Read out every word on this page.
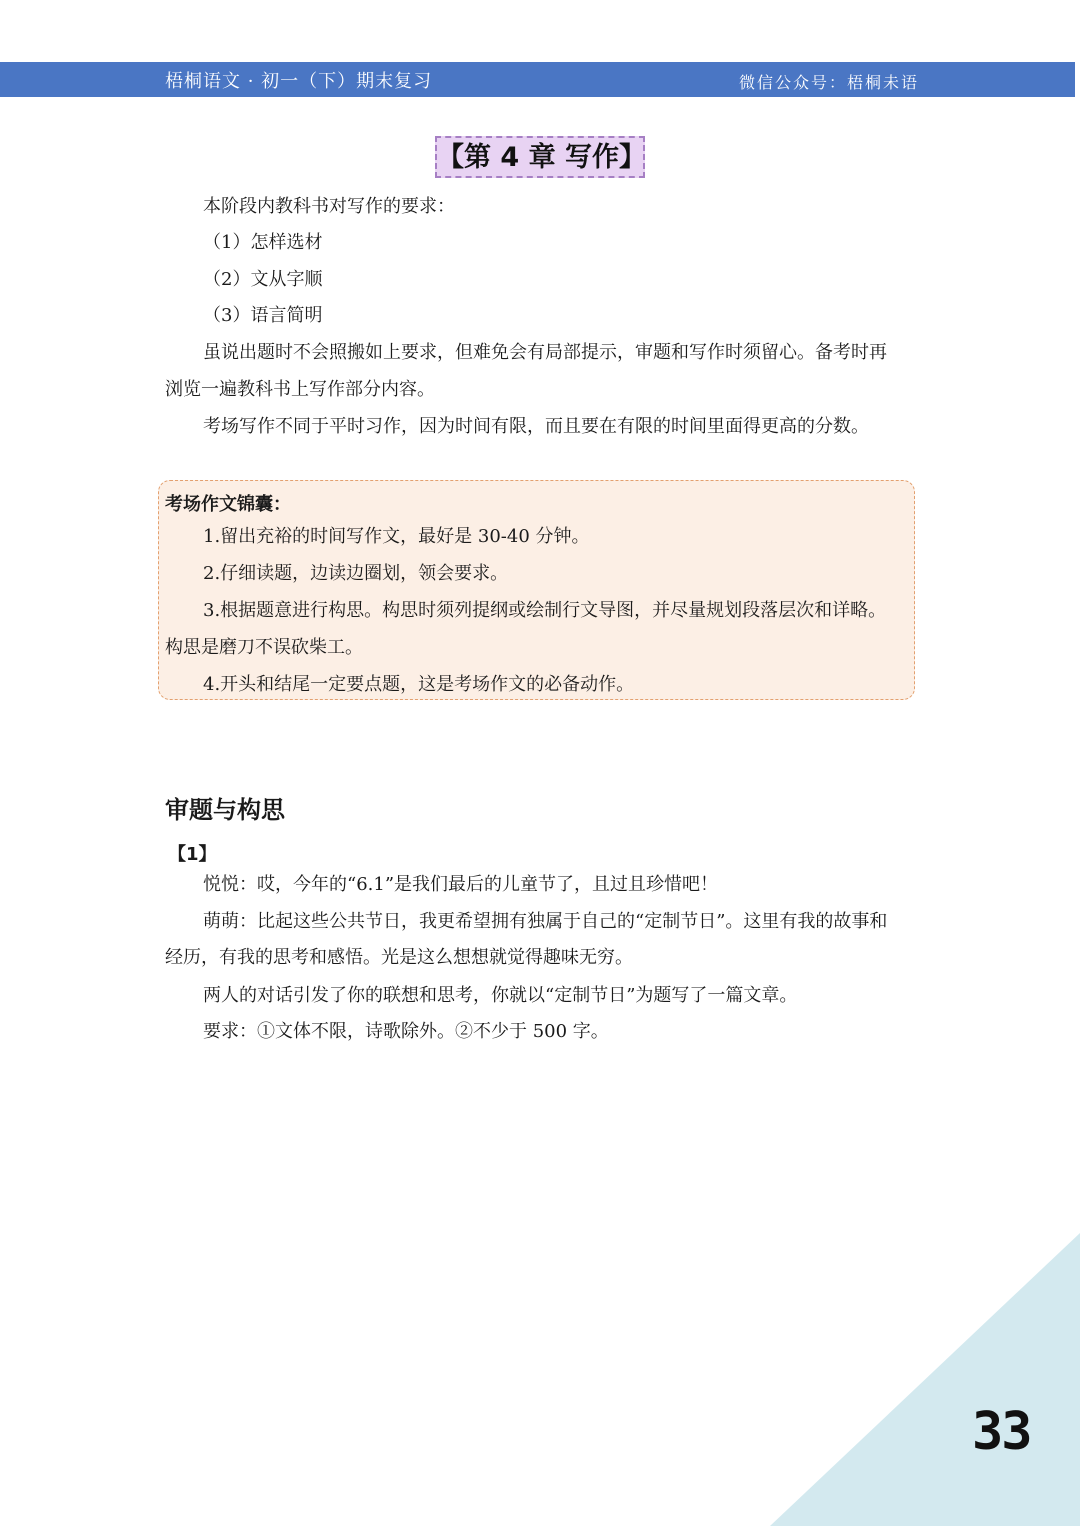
梧桐语文 · 初一（下）期末复习	微信公众号：梧桐未语
【第 4 章 写作】
本阶段内教科书对写作的要求：
（1）怎样选材
（2）文从字顺
（3）语言简明
虽说出题时不会照搬如上要求，但难免会有局部提示，审题和写作时须留心。备考时再
浏览一遍教科书上写作部分内容。
考场写作不同于平时习作，因为时间有限，而且要在有限的时间里面得更高的分数。
考场作文锦囊：
1.留出充裕的时间写作文，最好是 30-40 分钟。
2.仔细读题，边读边圈划，领会要求。
3.根据题意进行构思。构思时须列提纲或绘制行文导图，并尽量规划段落层次和详略。
构思是磨刀不误砍柴工。
4.开头和结尾一定要点题，这是考场作文的必备动作。
审题与构思
【1】
悦悦：哎，今年的“6.1”是我们最后的儿童节了，且过且珍惜吧！
萌萌：比起这些公共节日，我更希望拥有独属于自己的“定制节日”。这里有我的故事和
经历，有我的思考和感悟。光是这么想想就觉得趣味无穷。
两人的对话引发了你的联想和思考，你就以“定制节日”为题写了一篇文章。
要求：①文体不限，诗歌除外。②不少于 500 字。
33
